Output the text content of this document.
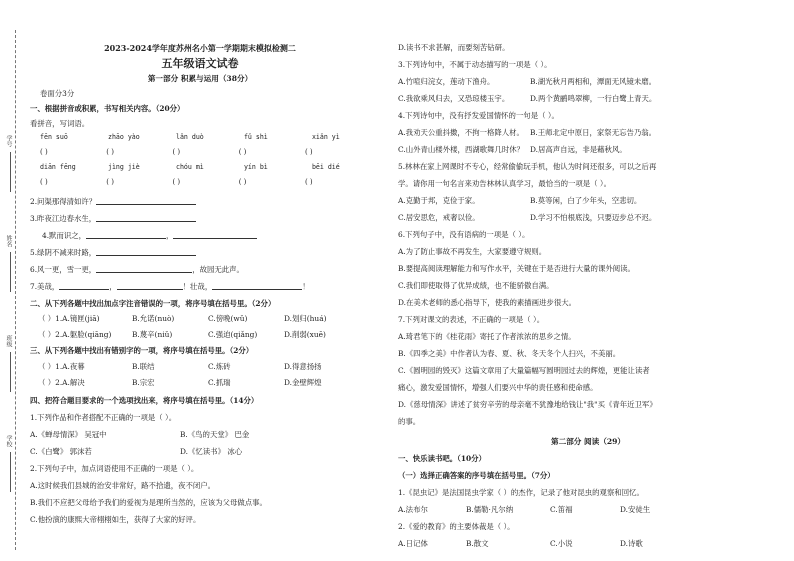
学号
姓名
班级
学校
2023-2024学年度苏州名小第一学期期末模拟检测二
五年级语文试卷
第一部分 积累与运用（38分）
卷面分3分
一、根据拼音或积累，书写相关内容。（20分）
看拼音，写词语。
fēn suō	zhāo yào	lǎn duò	fǔ shì	xiǎn yì
( )	( )	( )	( )	( )
diān fēng	jìng jiè	chóu mì	yín bì	bēi dié
( )	( )	( )	( )	( )
2.问渠那得清如许？
3.昨夜江边春水生，
4.默而识之，	，
5.绿阴不减来时路，
6.风一更，雪一更，	，故园无此声。
7.美哉，	，	！壮哉，	！
二、从下列各题中找出加点字注音错误的一项，将序号填在括号里。（2分）
（ ）1.A.镜匣(jiā)	B.允诺(nuò)	C.傍晚(wǔ)	D.划归(huá)
（ ）2.A.躯脸(qiāng)	B.蔑辛(niǔ)	C.强迫(qiǎng)	D.削弱(xuē)
三、从下列各题中找出有错别字的一项，将序号填在括号里。（2分）
（ ）1.A.夜幕	B.联结	C.炼砖	D.得意扬扬
（ ）2.A.解决	B.宗宏	C.抓瑞	D.金壁辉煌
四、把符合题目要求的一个选项找出来，将序号填在括号里。（14分）
1.下列作品和作者搭配不正确的一项是（ ）。
A.《蝉母情深》 吴冠中	B.《鸟的天堂》 巴金
C.《白鹭》 郭沫若	D.《忆读书》 冰心
2.下列句子中，加点词语使用不正确的一项是（ ）。
A.这时候我们县城的治安非常好，路不拾遗，夜不闭户。
B.我们不应把父母给予我们的爱视为是理所当然的，应该为父母做点事。
C.他扮演的康熙大帝栩栩如生，获得了大家的好评。
D.读书不求甚解，而要刻苦钻研。
3.下列诗句中，不属于动态描写的一项是（ ）。
A.竹喧归浣女，莲动下渔舟。	B.湖光秋月两相和，潭面无风镜未磨。
C.我欲乘风归去，又恐琼楼玉宇。	D.两个黄鹂鸣翠柳，一行白鹭上青天。
4.下列诗句中，没有抒发爱国情怀的一句是（ ）。
A.我劝天公重抖擞，不拘一格降人材。 B.王师北定中原日，家祭无忘告乃翁。
C.山外青山楼外楼，西湖歌舞几时休？ D.居高声自远，非是藉秋风。
5.林林在家上网课时不专心，经常偷偷玩手机，他认为时间还很多，可以之后再
学。请你用一句名言来劝告林林认真学习，最恰当的一项是（ ）。
A.克勤于邦，克俭于家。	B.莫等闲，白了少年头，空悲切。
C.居安思危，戒奢以俭。	D.学习不怕根底浅，只要迈步总不迟。
6.下列句子中，没有语病的一项是（ ）。
A.为了防止事故不再发生，大家要遵守规则。
B.要提高阅读理解能力和写作水平，关键在于是否进行大量的课外阅读。
C.我们即使取得了优异成绩，也不能骄傲自满。
D.在美术老师的悉心指导下，使我的素描画进步很大。
7.下列对课文的表述，不正确的一项是（ ）。
A.琦君笔下的《桂花雨》寄托了作者浓浓的思乡之情。
B.《四季之美》中作者认为春、夏、秋、冬天冬个人扫兴，不美丽。
C.《圆明园的毁灭》这篇文章用了大量篇幅写圆明园过去的辉煌，更能让读者
痛心，激发爱国情怀，增强人们要兴中华的责任感和使命感。
D.《慈母情深》讲述了贫穷辛劳的母亲毫不犹豫地给钱让"我"买《青年近卫军》
的事。
第二部分 阅读（29）
一、快乐读书吧。（10分）
（一）选择正确答案的序号填在括号里。（7分）
1.《昆虫记》是法国昆虫学家（ ）的杰作，记录了他对昆虫的观察和回忆。
A.法布尔	B.儒勒·凡尔纳	C.笛福	D.安徒生
2.《爱的教育》的主要体裁是（ ）。
A.日记体	B.散文	C.小说	D.诗歌
